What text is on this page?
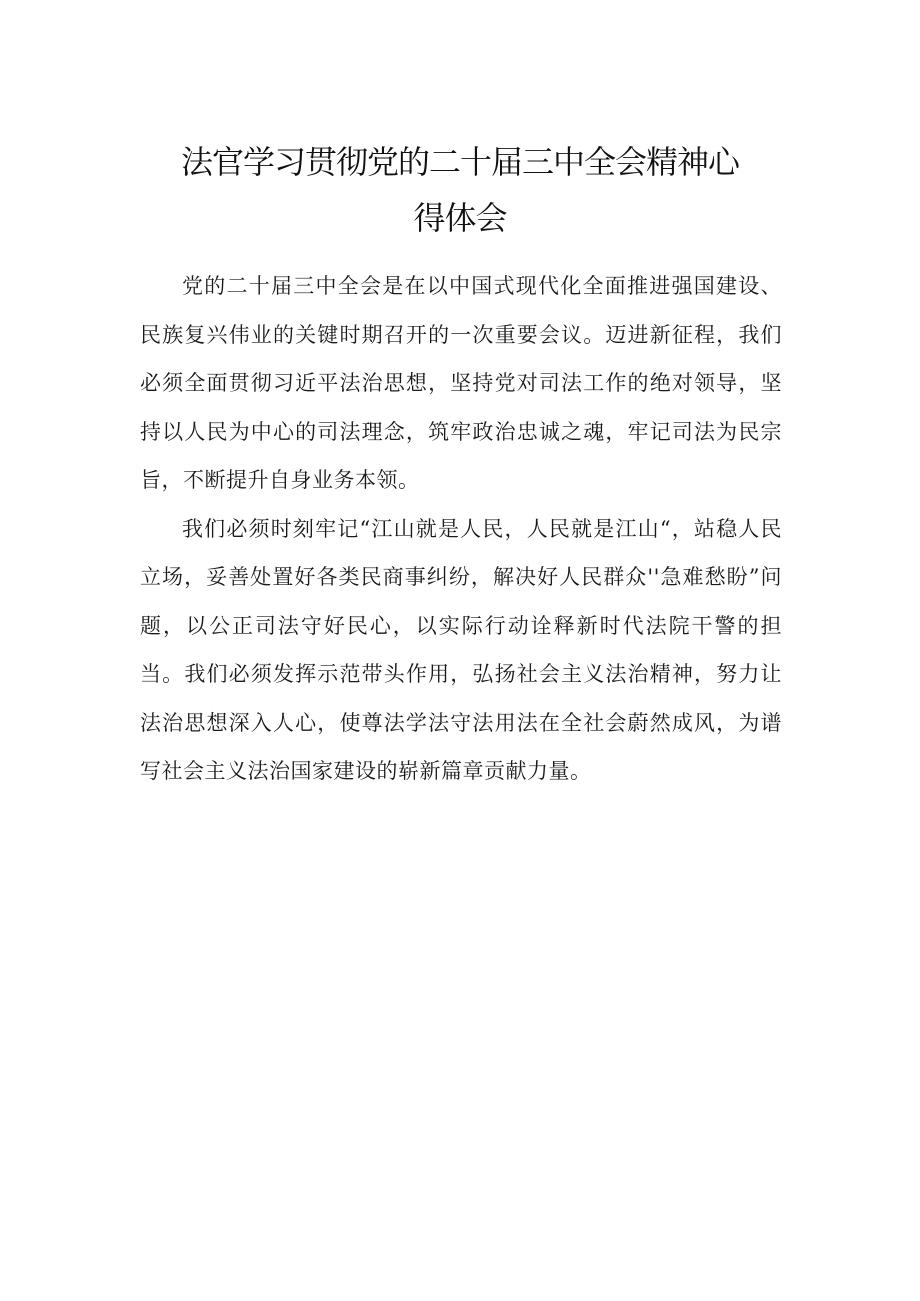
法官学习贯彻党的二十届三中全会精神心
得体会

党的二十届三中全会是在以中国式现代化全面推进强国建设、民族复兴伟业的关键时期召开的一次重要会议。迈进新征程，我们必须全面贯彻习近平法治思想，坚持党对司法工作的绝对领导，坚持以人民为中心的司法理念，筑牢政治忠诚之魂，牢记司法为民宗旨，不断提升自身业务本领。

我们必须时刻牢记“江山就是人民，人民就是江山“，站稳人民立场，妥善处置好各类民商事纠纷，解决好人民群众''急难愁盼”问题，以公正司法守好民心，以实际行动诠释新时代法院干警的担当。我们必须发挥示范带头作用，弘扬社会主义法治精神，努力让法治思想深入人心，使尊法学法守法用法在全社会蔚然成风，为谱写社会主义法治国家建设的崭新篇章贡献力量。
